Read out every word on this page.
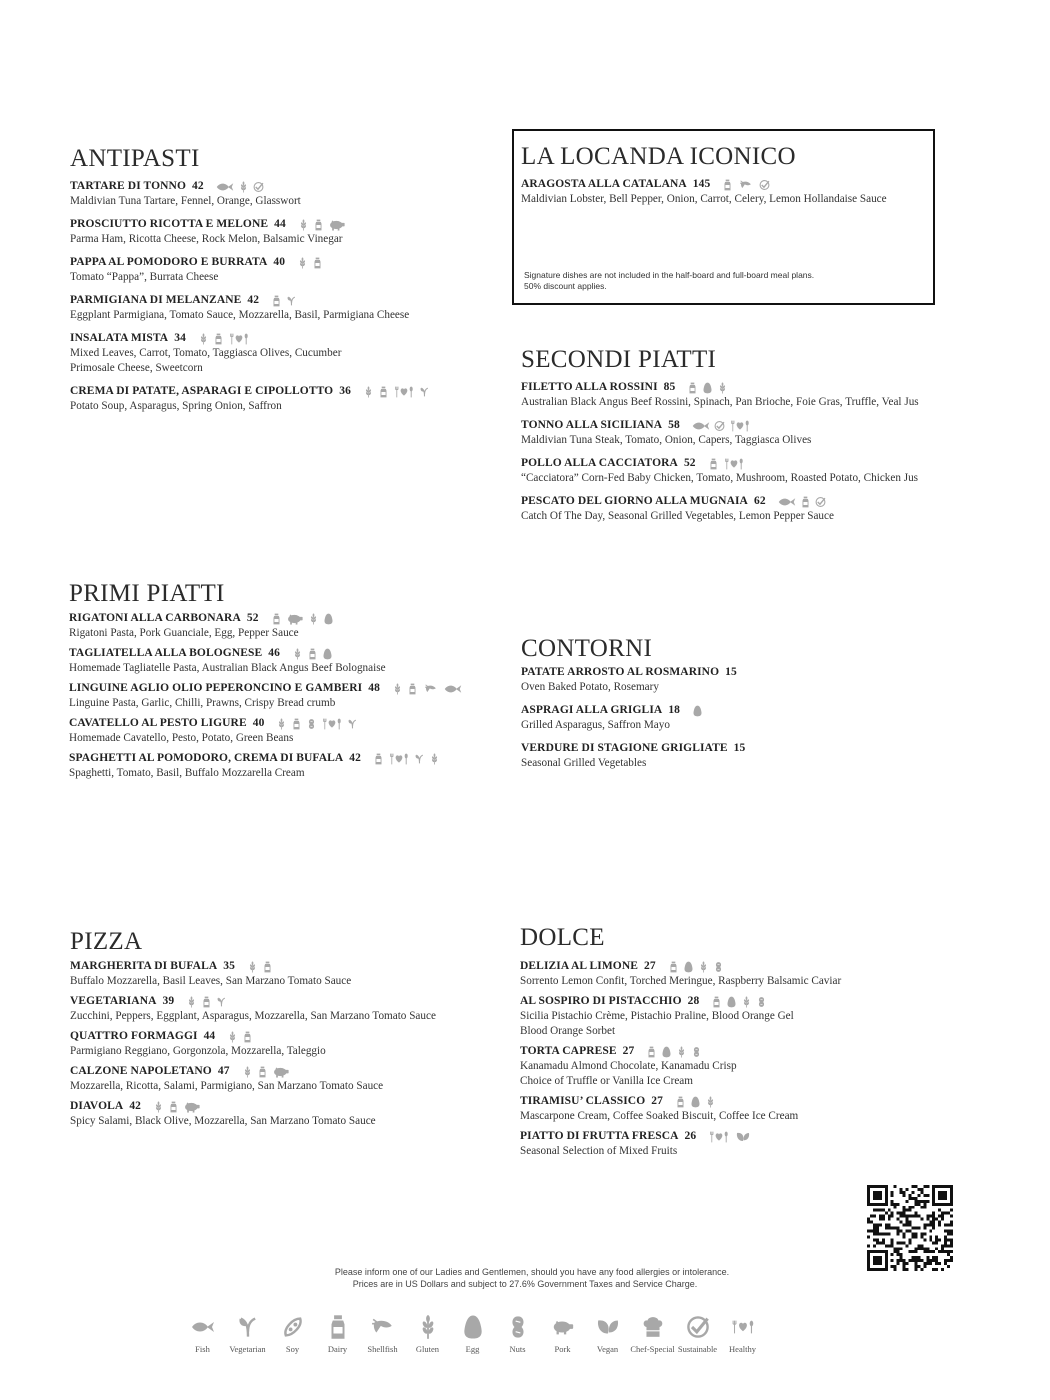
ANTIPASTI
TARTARE DI TONNO 42
Maldivian Tuna Tartare, Fennel, Orange, Glasswort
PROSCIUTTO RICOTTA E MELONE 44
Parma Ham, Ricotta Cheese, Rock Melon, Balsamic Vinegar
PAPPA AL POMODORO E BURRATA 40
Tomato “Pappa”, Burrata Cheese
PARMIGIANA DI MELANZANE 42
Eggplant Parmigiana, Tomato Sauce, Mozzarella, Basil, Parmigiana Cheese
INSALATA MISTA 34
Mixed Leaves, Carrot, Tomato, Taggiasca Olives, Cucumber
Primosale Cheese, Sweetcorn
CREMA DI PATATE, ASPARAGI E CIPOLLOTTO 36
Potato Soup, Asparagus, Spring Onion, Saffron
LA LOCANDA ICONICO
ARAGOSTA ALLA CATALANA 145
Maldivian Lobster, Bell Pepper, Onion, Carrot, Celery, Lemon Hollandaise Sauce
Signature dishes are not included in the half-board and full-board meal plans.
50% discount applies.
SECONDI PIATTI
FILETTO ALLA ROSSINI 85
Australian Black Angus Beef Rossini, Spinach, Pan Brioche, Foie Gras, Truffle, Veal Jus
TONNO ALLA SICILIANA 58
Maldivian Tuna Steak, Tomato, Onion, Capers, Taggiasca Olives
POLLO ALLA CACCIATORA 52
“Cacciatora” Corn-Fed Baby Chicken, Tomato, Mushroom, Roasted Potato, Chicken Jus
PESCATO DEL GIORNO ALLA MUGNAIA 62
Catch Of The Day, Seasonal Grilled Vegetables, Lemon Pepper Sauce
PRIMI PIATTI
RIGATONI ALLA CARBONARA 52
Rigatoni Pasta, Pork Guanciale, Egg, Pepper Sauce
TAGLIATELLA ALLA BOLOGNESE 46
Homemade Tagliatelle Pasta, Australian Black Angus Beef Bolognaise
LINGUINE AGLIO OLIO PEPERONCINO E GAMBERI 48
Linguine Pasta, Garlic, Chilli, Prawns, Crispy Bread crumb
CAVATELLO AL PESTO LIGURE 40
Homemade Cavatello, Pesto, Potato, Green Beans
SPAGHETTI AL POMODORO, CREMA DI BUFALA 42
Spaghetti, Tomato, Basil, Buffalo Mozzarella Cream
CONTORNI
PATATE ARROSTO AL ROSMARINO 15
Oven Baked Potato, Rosemary
ASPRAGI ALLA GRIGLIA 18
Grilled Asparagus, Saffron Mayo
VERDURE DI STAGIONE GRIGLIATE 15
Seasonal Grilled Vegetables
PIZZA
MARGHERITA DI BUFALA 35
Buffalo Mozzarella, Basil Leaves, San Marzano Tomato Sauce
VEGETARIANA 39
Zucchini, Peppers, Eggplant, Asparagus, Mozzarella, San Marzano Tomato Sauce
QUATTRO FORMAGGI 44
Parmigiano Reggiano, Gorgonzola, Mozzarella, Taleggio
CALZONE NAPOLETANO 47
Mozzarella, Ricotta, Salami, Parmigiano, San Marzano Tomato Sauce
DIAVOLA 42
Spicy Salami, Black Olive, Mozzarella, San Marzano Tomato Sauce
DOLCE
DELIZIA AL LIMONE 27
Sorrento Lemon Confit, Torched Meringue, Raspberry Balsamic Caviar
AL SOSPIRO DI PISTACCHIO 28
Sicilia Pistachio Crème, Pistachio Praline, Blood Orange Gel
Blood Orange Sorbet
TORTA CAPRESE 27
Kanamadu Almond Chocolate, Kanamadu Crisp
Choice of Truffle or Vanilla Ice Cream
TIRAMISU’ CLASSICO 27
Mascarpone Cream, Coffee Soaked Biscuit, Coffee Ice Cream
PIATTO DI FRUTTA FRESCA 26
Seasonal Selection of Mixed Fruits
Please inform one of our Ladies and Gentlemen, should you have any food allergies or intolerance.
Prices are in US Dollars and subject to 27.6% Government Taxes and Service Charge.
Fish Vegetarian Soy	Dairy Shellfish Gluten	Egg	Nuts	Pork	Vegan Chef-Special Sustainable Healthy
